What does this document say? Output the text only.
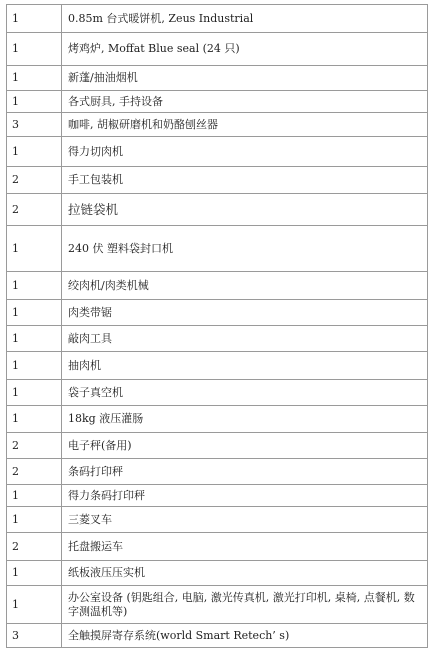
1	0.85m 台式暖饼机, Zeus Industrial
1	烤鸡炉, Moffat Blue seal (24 只)
1	新蓬/抽油烟机
1	各式厨具, 手持设备
3	咖啡, 胡椒研磨机和奶酪刨丝器
1	得力切肉机
2	手工包装机
2	拉链袋机
1	240 伏 塑料袋封口机
1	绞肉机/肉类机械
1	肉类带锯
1	敲肉工具
1	抽肉机
1	袋子真空机
1	18kg 液压灌肠
2	电子秤(备用)
2	条码打印秤
1	得力条码打印秤
1	三菱叉车
2	托盘搬运车
1	纸板液压压实机
1	办公室设备 (钥匙组合, 电脑, 激光传真机, 激光打印机, 桌椅, 点餐机, 数字测温机等)
3	全触摸屏寄存系统(world Smart Retech’ s)
